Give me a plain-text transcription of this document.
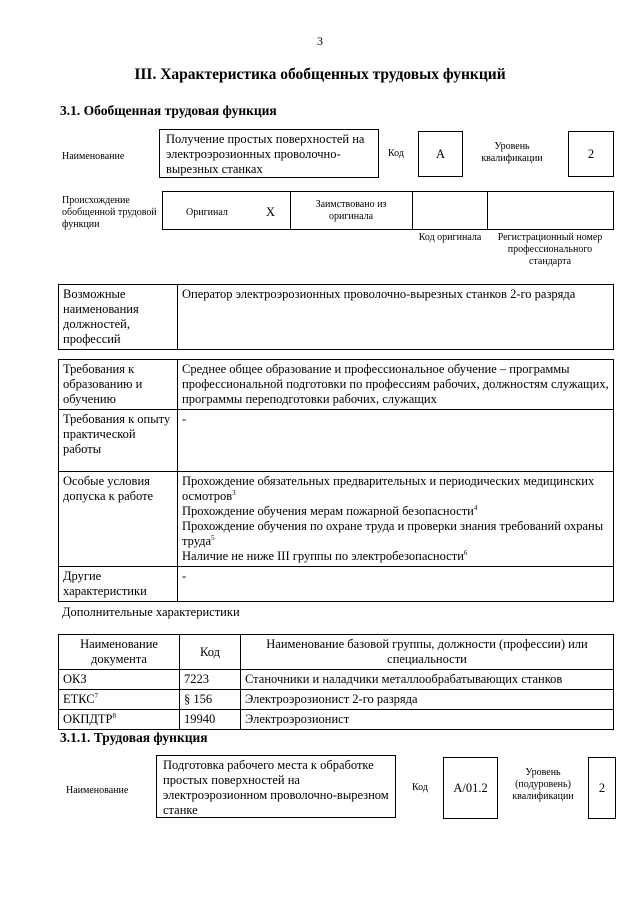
3
III. Характеристика обобщенных трудовых функций
3.1. Обобщенная трудовая функция
Наименование
Получение простых поверхностей на электроэрозионных проволочно-вырезных станках
Код	А
Уровень квалификации	2
Происхождение обобщенной трудовой функции
Оригинал	X
Заимствовано из оригинала
Код оригинала	Регистрационный номер профессионального стандарта
Возможные наименования должностей, профессий	Оператор электроэрозионных проволочно-вырезных станков 2-го разряда
Требования к образованию и обучению	Среднее общее образование и профессиональное обучение – программы профессиональной подготовки по профессиям рабочих, должностям служащих, программы переподготовки рабочих, служащих
Требования к опыту практической работы	-
Особые условия допуска к работе	Прохождение обязательных предварительных и периодических медицинских осмотров$^3$
Прохождение обучения мерам пожарной безопасности$^4$
Прохождение обучения по охране труда и проверки знания требований охраны труда$^5$
Наличие не ниже III группы по электробезопасности$^6$

Другие характеристики	-
Дополнительные характеристики
Наименование документа	Код	Наименование базовой группы, должности (профессии) или специальности
ОКЗ	7223	Станочники и наладчики металлообрабатывающих станков
ЕТКС$^7$	§ 156	Электроэрозионист 2-го разряда
ОКПДТР$^8$	19940	Электроэрозионист
3.1.1. Трудовая функция
Наименование
Подготовка рабочего места к обработке простых поверхностей на электроэрозионном проволочно-вырезном станке
Код	А/01.2
Уровень (подуровень) квалификации
2
